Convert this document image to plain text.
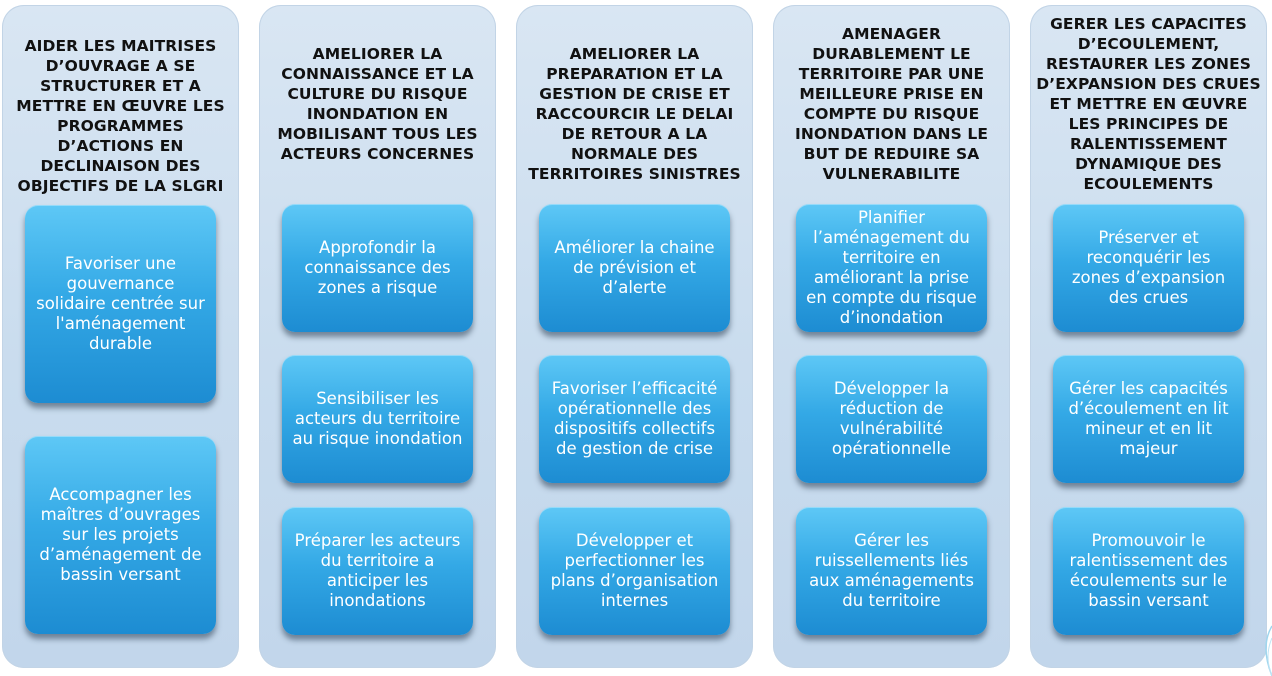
AIDER LES MAITRISES D’OUVRAGE A SE STRUCTURER ET A METTRE EN ŒUVRE LES PROGRAMMES D’ACTIONS EN DECLINAISON DES OBJECTIFS DE LA SLGRI
Favoriser une gouvernance solidaire centrée sur l'aménagement durable
Accompagner les maîtres d’ouvrages sur les projets d’aménagement de bassin versant
AMELIORER LA CONNAISSANCE ET LA CULTURE DU RISQUE INONDATION EN MOBILISANT TOUS LES ACTEURS CONCERNES
Approfondir la connaissance des zones a risque
Sensibiliser les acteurs du territoire au risque inondation
Préparer les acteurs du territoire a anticiper les inondations
AMELIORER LA PREPARATION ET LA GESTION DE CRISE ET RACCOURCIR LE DELAI DE RETOUR A LA NORMALE DES TERRITOIRES SINISTRES
Améliorer la chaine de prévision et d’alerte
Favoriser l’efficacité opérationnelle des dispositifs collectifs de gestion de crise
Développer et perfectionner les plans d’organisation internes
AMENAGER DURABLEMENT LE TERRITOIRE PAR UNE MEILLEURE PRISE EN COMPTE DU RISQUE INONDATION DANS LE BUT DE REDUIRE SA VULNERABILITE
Planifier l’aménagement du territoire en améliorant la prise en compte du risque d’inondation
Développer la réduction de vulnérabilité opérationnelle
Gérer les ruissellements liés aux aménagements du territoire
GERER LES CAPACITES D’ECOULEMENT, RESTAURER LES ZONES D’EXPANSION DES CRUES ET METTRE EN ŒUVRE LES PRINCIPES DE RALENTISSEMENT DYNAMIQUE DES ECOULEMENTS
Préserver et reconquérir les zones d’expansion des crues
Gérer les capacités d’écoulement en lit mineur et en lit majeur
Promouvoir le ralentissement des écoulements sur le bassin versant
